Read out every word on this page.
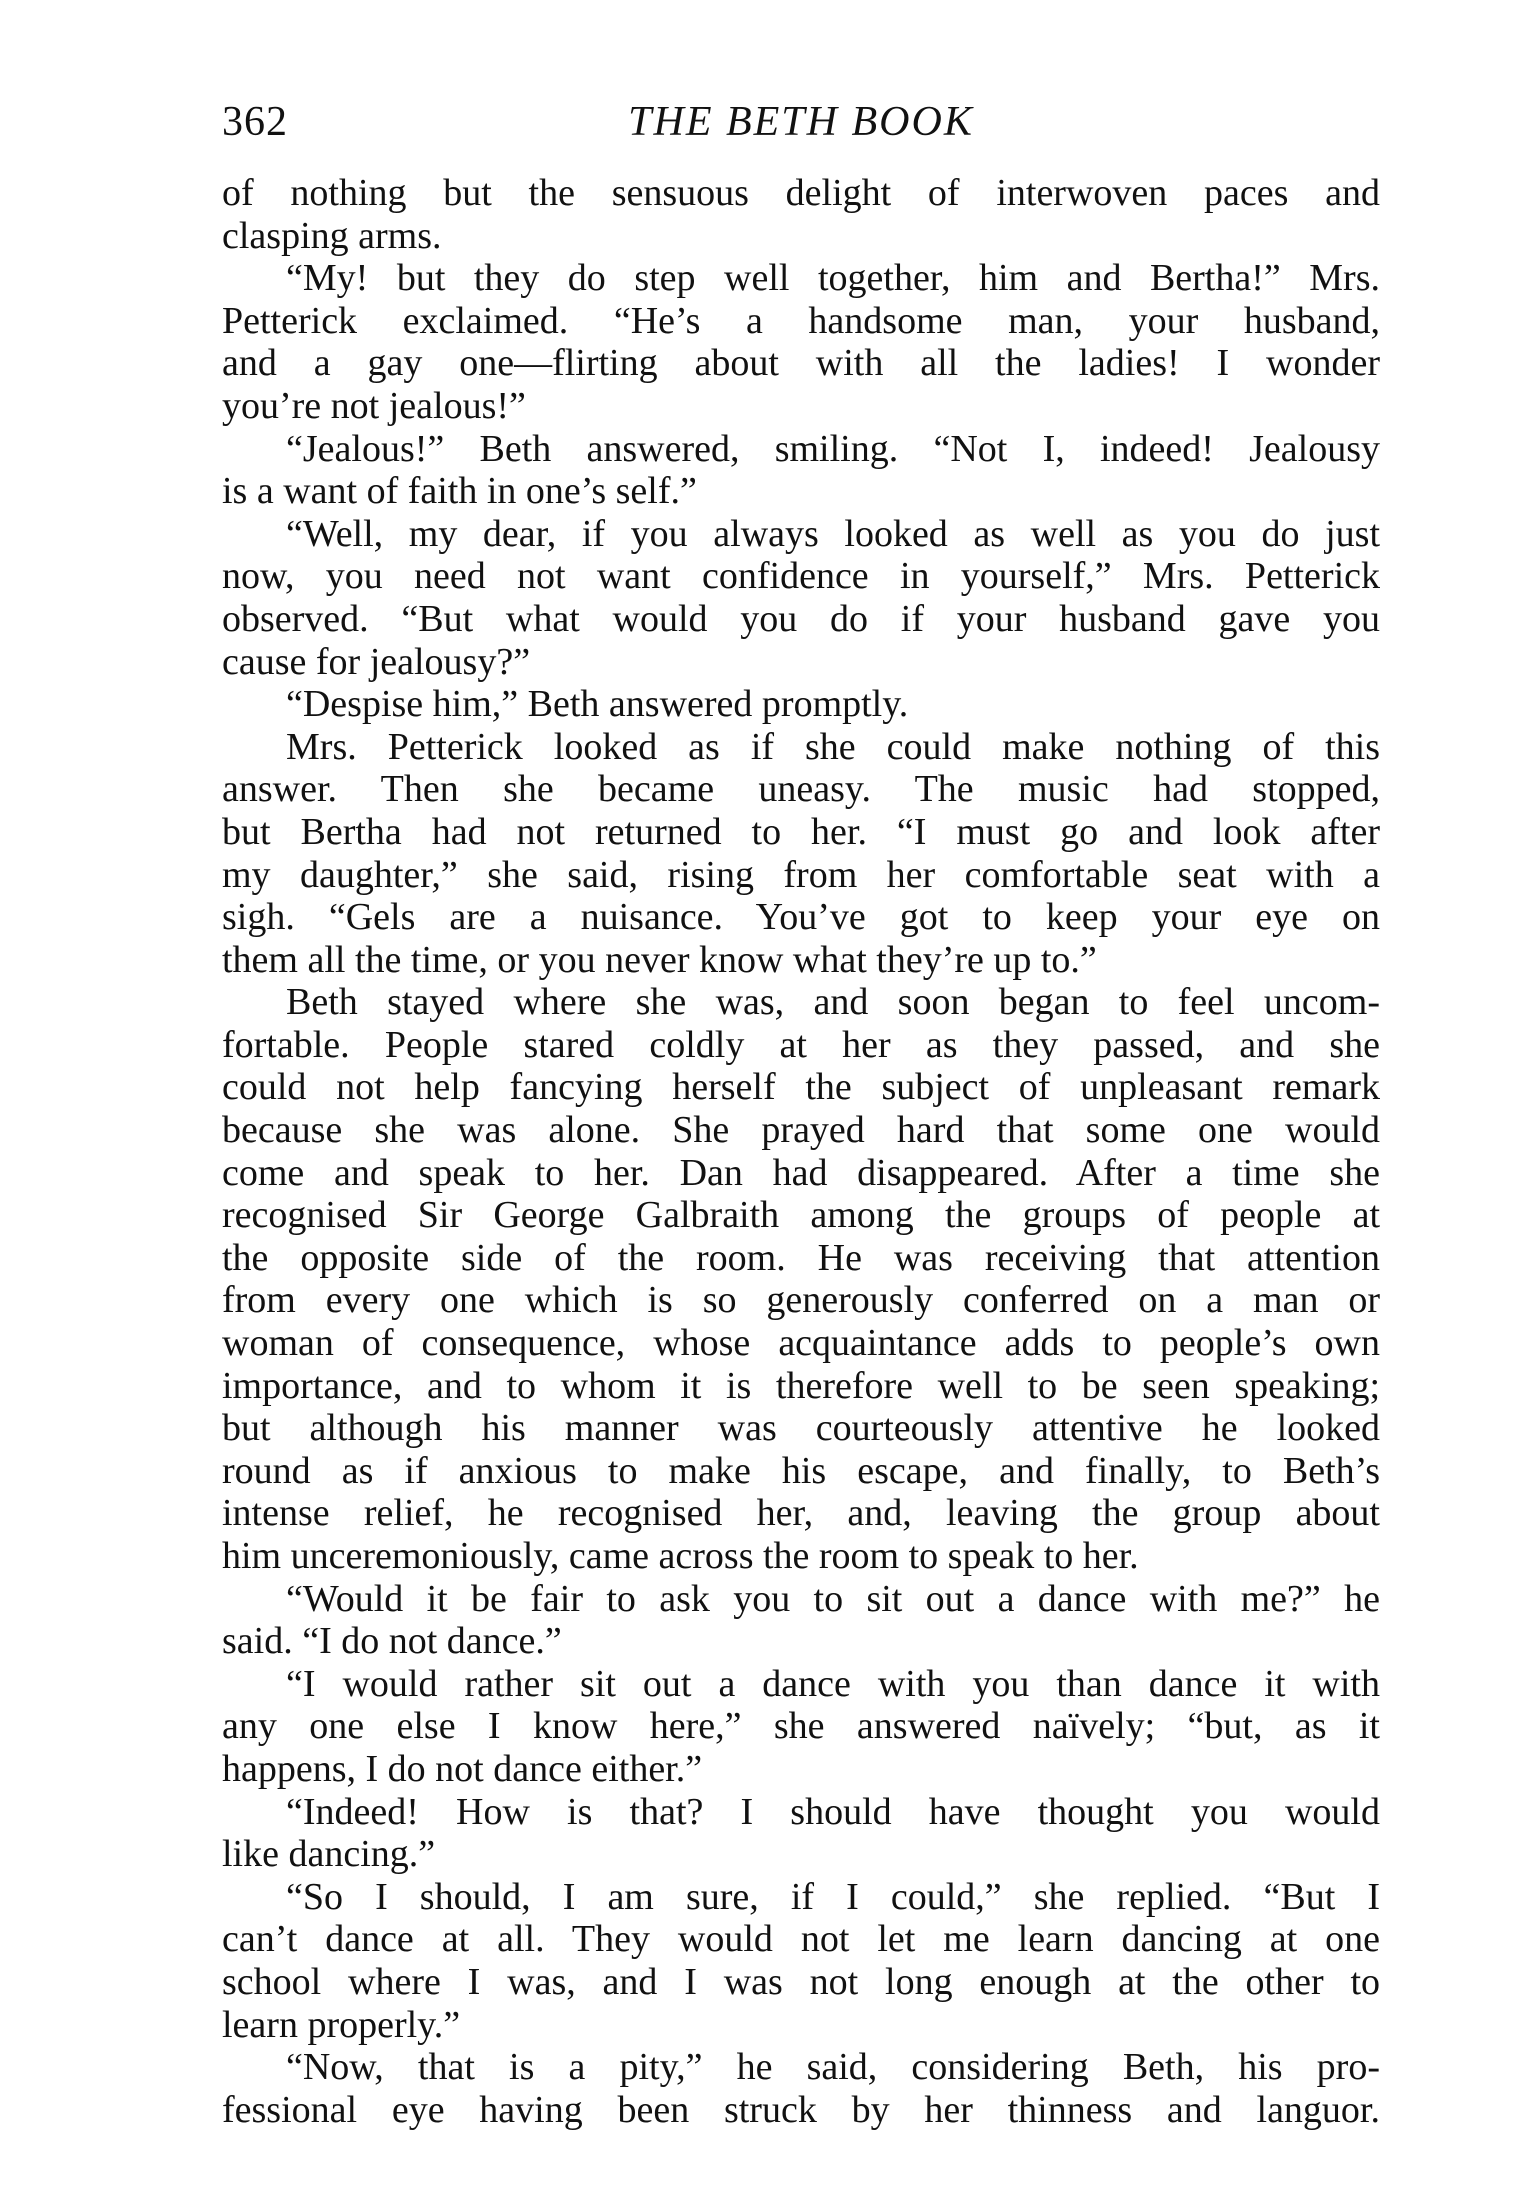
362	THE BETH BOOK
of nothing but the sensuous delight of interwoven paces and
clasping arms.
“My! but they do step well together, him and Bertha!” Mrs.
Petterick exclaimed. “He’s a handsome man, your husband,
and a gay one—flirting about with all the ladies! I wonder
you’re not jealous!”
“Jealous!” Beth answered, smiling. “Not I, indeed! Jealousy
is a want of faith in one’s self.”
“Well, my dear, if you always looked as well as you do just
now, you need not want confidence in yourself,” Mrs. Petterick
observed. “But what would you do if your husband gave you
cause for jealousy?”
“Despise him,” Beth answered promptly.
Mrs. Petterick looked as if she could make nothing of this
answer. Then she became uneasy. The music had stopped,
but Bertha had not returned to her. “I must go and look after
my daughter,” she said, rising from her comfortable seat with a
sigh. “Gels are a nuisance. You’ve got to keep your eye on
them all the time, or you never know what they’re up to.”
Beth stayed where she was, and soon began to feel uncom-
fortable. People stared coldly at her as they passed, and she
could not help fancying herself the subject of unpleasant remark
because she was alone. She prayed hard that some one would
come and speak to her. Dan had disappeared. After a time she
recognised Sir George Galbraith among the groups of people at
the opposite side of the room. He was receiving that attention
from every one which is so generously conferred on a man or
woman of consequence, whose acquaintance adds to people’s own
importance, and to whom it is therefore well to be seen speaking;
but although his manner was courteously attentive he looked
round as if anxious to make his escape, and finally, to Beth’s
intense relief, he recognised her, and, leaving the group about
him unceremoniously, came across the room to speak to her.
“Would it be fair to ask you to sit out a dance with me?” he
said. “I do not dance.”
“I would rather sit out a dance with you than dance it with
any one else I know here,” she answered naïvely; “but, as it
happens, I do not dance either.”
“Indeed! How is that? I should have thought you would
like dancing.”
“So I should, I am sure, if I could,” she replied. “But I
can’t dance at all. They would not let me learn dancing at one
school where I was, and I was not long enough at the other to
learn properly.”
“Now, that is a pity,” he said, considering Beth, his pro-
fessional eye having been struck by her thinness and languor.
